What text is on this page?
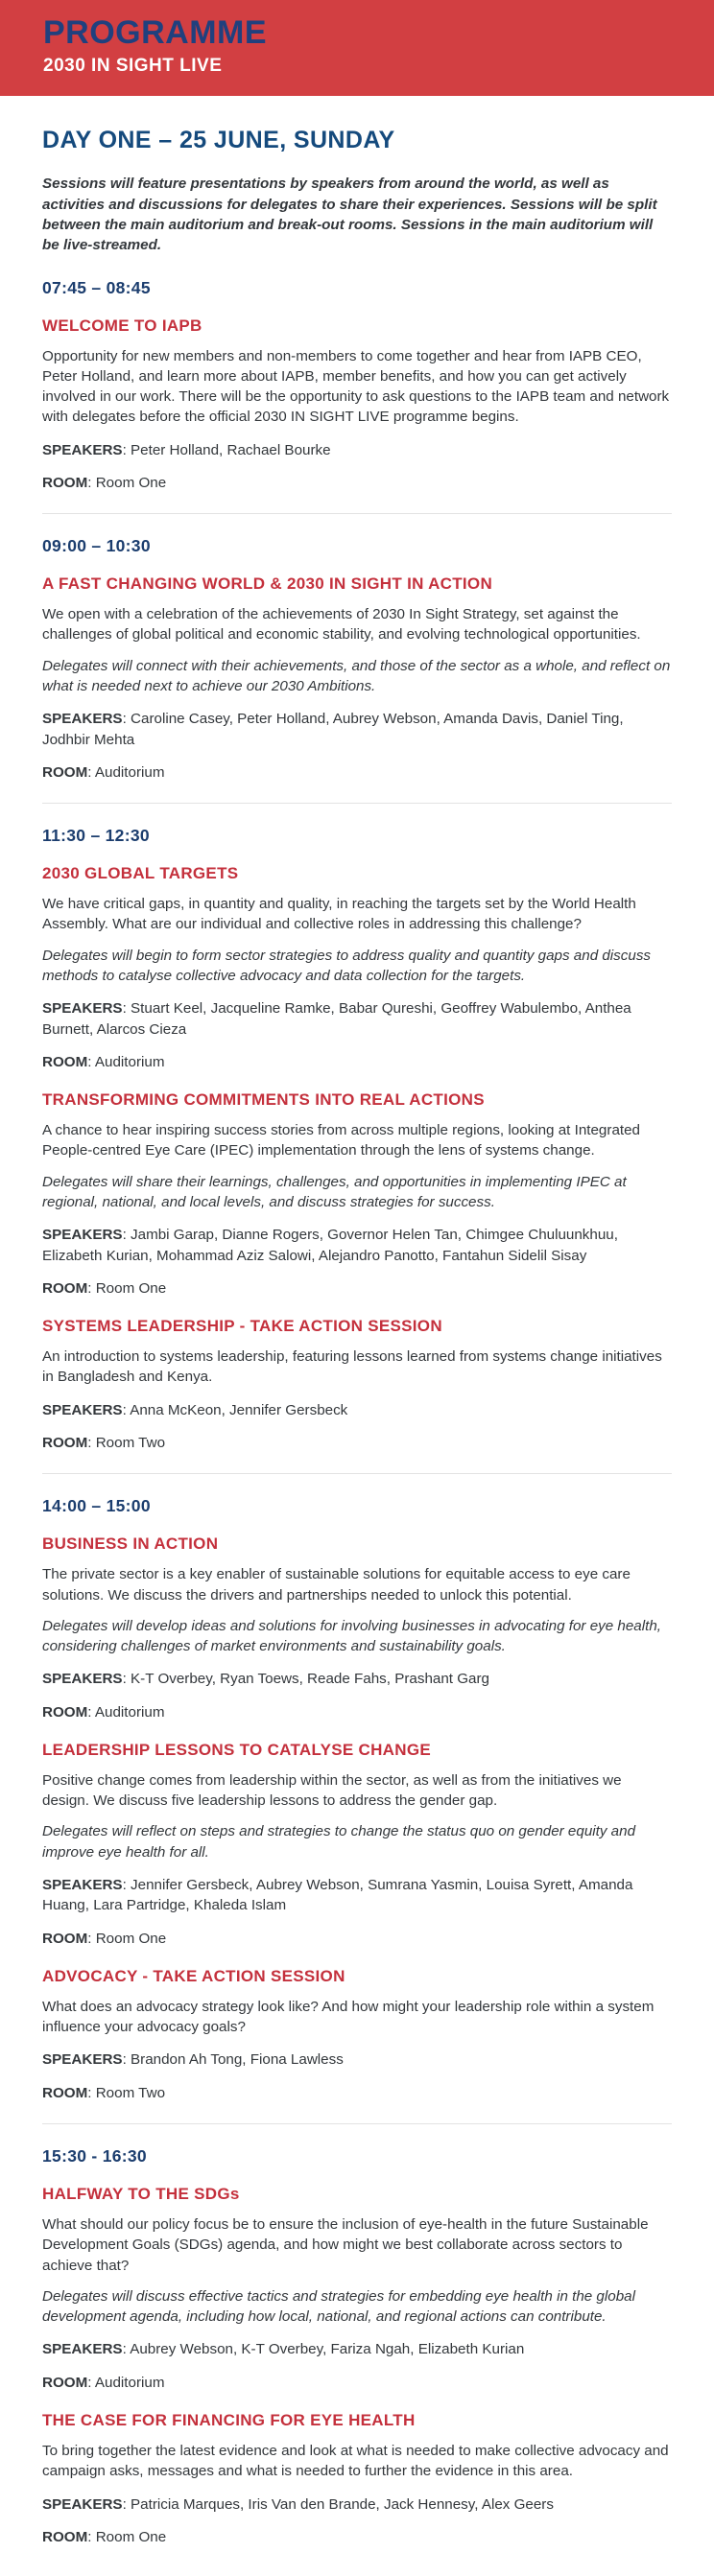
PROGRAMME
2030 IN SIGHT LIVE
DAY ONE – 25 JUNE, SUNDAY

Sessions will feature presentations by speakers from around the world, as well as activities and discussions for delegates to share their experiences. Sessions will be split between the main auditorium and break-out rooms. Sessions in the main auditorium will be live-streamed.

07:45 – 08:45
WELCOME TO IAPB

Opportunity for new members and non-members to come together and hear from IAPB CEO, Peter Holland, and learn more about IAPB, member benefits, and how you can get actively involved in our work. There will be the opportunity to ask questions to the IAPB team and network with delegates before the official 2030 IN SIGHT LIVE programme begins.

SPEAKERS: Peter Holland, Rachael Bourke

ROOM: Room One

09:00 – 10:30
A FAST CHANGING WORLD & 2030 IN SIGHT IN ACTION

We open with a celebration of the achievements of 2030 In Sight Strategy, set against the challenges of global political and economic stability, and evolving technological opportunities.

Delegates will connect with their achievements, and those of the sector as a whole, and reflect on what is needed next to achieve our 2030 Ambitions.

SPEAKERS: Caroline Casey, Peter Holland, Aubrey Webson, Amanda Davis, Daniel Ting, Jodhbir Mehta

ROOM: Auditorium

11:30 – 12:30
2030 GLOBAL TARGETS

We have critical gaps, in quantity and quality, in reaching the targets set by the World Health Assembly. What are our individual and collective roles in addressing this challenge?

Delegates will begin to form sector strategies to address quality and quantity gaps and discuss methods to catalyse collective advocacy and data collection for the targets.

SPEAKERS: Stuart Keel, Jacqueline Ramke, Babar Qureshi, Geoffrey Wabulembo, Anthea Burnett, Alarcos Cieza

ROOM: Auditorium

TRANSFORMING COMMITMENTS INTO REAL ACTIONS

A chance to hear inspiring success stories from across multiple regions, looking at Integrated People-centred Eye Care (IPEC) implementation through the lens of systems change.

Delegates will share their learnings, challenges, and opportunities in implementing IPEC at regional, national, and local levels, and discuss strategies for success.

SPEAKERS: Jambi Garap, Dianne Rogers, Governor Helen Tan, Chimgee Chuluunkhuu, Elizabeth Kurian, Mohammad Aziz Salowi, Alejandro Panotto, Fantahun Sidelil Sisay

ROOM: Room One

SYSTEMS LEADERSHIP - TAKE ACTION SESSION

An introduction to systems leadership, featuring lessons learned from systems change initiatives in Bangladesh and Kenya.

SPEAKERS: Anna McKeon, Jennifer Gersbeck

ROOM: Room Two

14:00 – 15:00
BUSINESS IN ACTION

The private sector is a key enabler of sustainable solutions for equitable access to eye care solutions. We discuss the drivers and partnerships needed to unlock this potential.

Delegates will develop ideas and solutions for involving businesses in advocating for eye health, considering challenges of market environments and sustainability goals.

SPEAKERS: K-T Overbey, Ryan Toews, Reade Fahs, Prashant Garg

ROOM: Auditorium

LEADERSHIP LESSONS TO CATALYSE CHANGE

Positive change comes from leadership within the sector, as well as from the initiatives we design. We discuss five leadership lessons to address the gender gap.

Delegates will reflect on steps and strategies to change the status quo on gender equity and improve eye health for all.

SPEAKERS: Jennifer Gersbeck, Aubrey Webson, Sumrana Yasmin, Louisa Syrett, Amanda Huang, Lara Partridge, Khaleda Islam

ROOM: Room One

ADVOCACY - TAKE ACTION SESSION

What does an advocacy strategy look like? And how might your leadership role within a system influence your advocacy goals?

SPEAKERS: Brandon Ah Tong, Fiona Lawless

ROOM: Room Two

15:30 - 16:30
HALFWAY TO THE SDGs

What should our policy focus be to ensure the inclusion of eye-health in the future Sustainable Development Goals (SDGs) agenda, and how might we best collaborate across sectors to achieve that?

Delegates will discuss effective tactics and strategies for embedding eye health in the global development agenda, including how local, national, and regional actions can contribute.

SPEAKERS: Aubrey Webson, K-T Overbey, Fariza Ngah, Elizabeth Kurian

ROOM: Auditorium

THE CASE FOR FINANCING FOR EYE HEALTH

To bring together the latest evidence and look at what is needed to make collective advocacy and campaign asks, messages and what is needed to further the evidence in this area.

SPEAKERS: Patricia Marques, Iris Van den Brande, Jack Hennesy, Alex Geers

ROOM: Room One
